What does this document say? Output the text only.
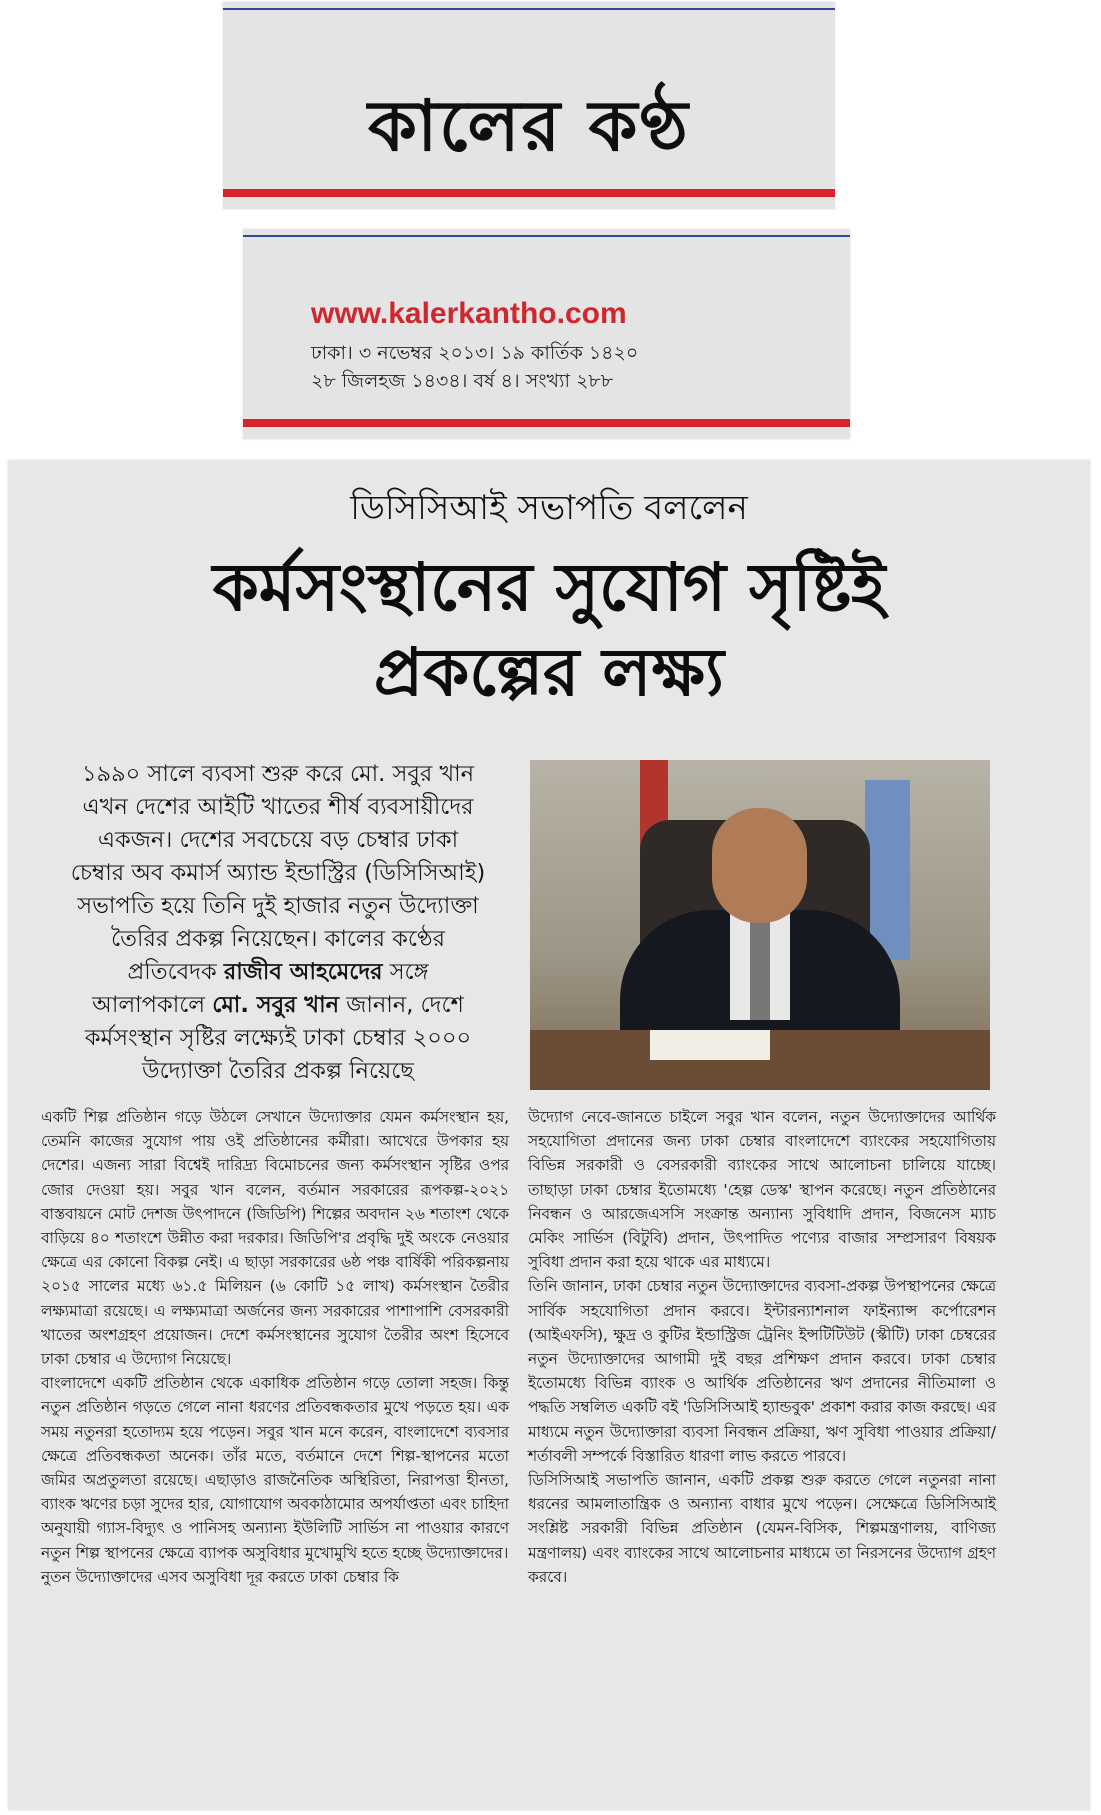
কালের কণ্ঠ
www.kalerkantho.com
ঢাকা। ৩ নভেম্বর ২০১৩। ১৯ কার্তিক ১৪২০
২৮ জিলহজ ১৪৩৪। বর্ষ ৪। সংখ্যা ২৮৮
ডিসিসিআই সভাপতি বললেন
কর্মসংস্থানের সুযোগ সৃষ্টিই
প্রকল্পের লক্ষ্য
১৯৯০ সালে ব্যবসা শুরু করে মো. সবুর খান এখন দেশের আইটি খাতের শীর্ষ ব্যবসায়ীদের একজন। দেশের সবচেয়ে বড় চেম্বার ঢাকা চেম্বার অব কমার্স অ্যান্ড ইন্ডাস্ট্রির (ডিসিসিআই) সভাপতি হয়ে তিনি দুই হাজার নতুন উদ্যোক্তা তৈরির প্রকল্প নিয়েছেন। কালের কণ্ঠের প্রতিবেদক রাজীব আহমেদের সঙ্গে আলাপকালে মো. সবুর খান জানান, দেশে কর্মসংস্থান সৃষ্টির লক্ষ্যেই ঢাকা চেম্বার ২০০০ উদ্যোক্তা তৈরির প্রকল্প নিয়েছে

একটি শিল্প প্রতিষ্ঠান গড়ে উঠলে সেখানে উদ্যোক্তার যেমন কর্মসংস্থান হয়, তেমনি কাজের সুযোগ পায় ওই প্রতিষ্ঠানের কর্মীরা। আখেরে উপকার হয় দেশের। এজন্য সারা বিশ্বেই দারিদ্র্য বিমোচনের জন্য কর্মসংস্থান সৃষ্টির ওপর জোর দেওয়া হয়। সবুর খান বলেন, বর্তমান সরকারের রূপকল্প-২০২১ বাস্তবায়নে মোট দেশজ উৎপাদনে (জিডিপি) শিল্পের অবদান ২৬ শতাংশ থেকে বাড়িয়ে ৪০ শতাংশে উন্নীত করা দরকার। জিডিপি'র প্রবৃদ্ধি দুই অংকে নেওয়ার ক্ষেত্রে এর কোনো বিকল্প নেই। এ ছাড়া সরকারের ৬ষ্ঠ পঞ্চ বার্ষিকী পরিকল্পনায় ২০১৫ সালের মধ্যে ৬১.৫ মিলিয়ন (৬ কোটি ১৫ লাখ) কর্মসংস্থান তৈরীর লক্ষ্যমাত্রা রয়েছে। এ লক্ষ্যমাত্রা অর্জনের জন্য সরকারের পাশাপাশি বেসরকারী খাতের অংশগ্রহণ প্রয়োজন। দেশে কর্মসংস্থানের সুযোগ তৈরীর অংশ হিসেবে ঢাকা চেম্বার এ উদ্যোগ নিয়েছে।

বাংলাদেশে একটি প্রতিষ্ঠান থেকে একাধিক প্রতিষ্ঠান গড়ে তোলা সহজ। কিন্তু নতুন প্রতিষ্ঠান গড়তে গেলে নানা ধরণের প্রতিবন্ধকতার মুখে পড়তে হয়। এক সময় নতুনরা হতোদ্যম হয়ে পড়েন। সবুর খান মনে করেন, বাংলাদেশে ব্যবসার ক্ষেত্রে প্রতিবন্ধকতা অনেক। তাঁর মতে, বর্তমানে দেশে শিল্প-স্থাপনের মতো জমির অপ্রতুলতা রয়েছে। এছাড়াও রাজনৈতিক অস্থিরিতা, নিরাপত্তা হীনতা, ব্যাংক ঋণের চড়া সুদের হার, যোগাযোগ অবকাঠামোর অপর্যাপ্ততা এবং চাহিদা অনুযায়ী গ্যাস-বিদ্যুৎ ও পানিসহ অন্যান্য ইউলিটি সার্ভিস না পাওয়ার কারণে নতুন শিল্প স্থাপনের ক্ষেত্রে ব্যাপক অসুবিধার মুখোমুখি হতে হচ্ছে উদ্যোক্তাদের।

নুতন উদ্যোক্তাদের এসব অসুবিধা দূর করতে ঢাকা চেম্বার কি

উদ্যোগ নেবে-জানতে চাইলে সবুর খান বলেন, নতুন উদ্যোক্তাদের আর্থিক সহযোগিতা প্রদানের জন্য ঢাকা চেম্বার বাংলাদেশে ব্যাংকের সহযোগিতায় বিভিন্ন সরকারী ও বেসরকারী ব্যাংকের সাথে আলোচনা চালিয়ে যাচ্ছে। তাছাড়া ঢাকা চেম্বার ইতোমধ্যে 'হেল্প ডেস্ক' স্থাপন করেছে। নতুন প্রতিষ্ঠানের নিবন্ধন ও আরজেএসসি সংক্রান্ত অন্যান্য সুবিধাদি প্রদান, বিজনেস ম্যাচ মেকিং সার্ভিস (বিটুবি) প্রদান, উৎপাদিত পণ্যের বাজার সম্প্রসারণ বিষয়ক সুবিধা প্রদান করা হয়ে থাকে এর মাধ্যমে।

তিনি জানান, ঢাকা চেম্বার নতুন উদ্যোক্তাদের ব্যবসা-প্রকল্প উপস্থাপনের ক্ষেত্রে সার্বিক সহযোগিতা প্রদান করবে। ইন্টারন্যাশনাল ফাইন্যান্স কর্পোরেশন (আইএফসি), ক্ষুদ্র ও কুটির ইন্ডাস্ট্রিজ ট্রেনিং ইন্সটিটিউট (স্কীটি) ঢাকা চেম্বরের নতুন উদ্যোক্তাদের আগামী দুই বছর প্রশিক্ষণ প্রদান করবে। ঢাকা চেম্বার ইতোমধ্যে বিভিন্ন ব্যাংক ও আর্থিক প্রতিষ্ঠানের ঋণ প্রদানের নীতিমালা ও পদ্ধতি সম্বলিত একটি বই 'ডিসিসিআই হ্যান্ডবুক' প্রকাশ করার কাজ করছে। এর মাধ্যমে নতুন উদ্যোক্তারা ব্যবসা নিবন্ধন প্রক্রিয়া, ঋণ সুবিধা পাওয়ার প্রক্রিয়া/শর্তাবলী সম্পর্কে বিস্তারিত ধারণা লাভ করতে পারবে।

ডিসিসিআই সভাপতি জানান, একটি প্রকল্প শুরু করতে গেলে নতুনরা নানা ধরনের আমলাতান্ত্রিক ও অন্যান্য বাধার মুখে পড়েন। সেক্ষেত্রে ডিসিসিআই সংশ্লিষ্ট সরকারী বিভিন্ন প্রতিষ্ঠান (যেমন-বিসিক, শিল্পমন্ত্রণালয়, বাণিজ্য মন্ত্রণালয়) এবং ব্যাংকের সাথে আলোচনার মাধ্যমে তা নিরসনের উদ্যোগ গ্রহণ করবে।
